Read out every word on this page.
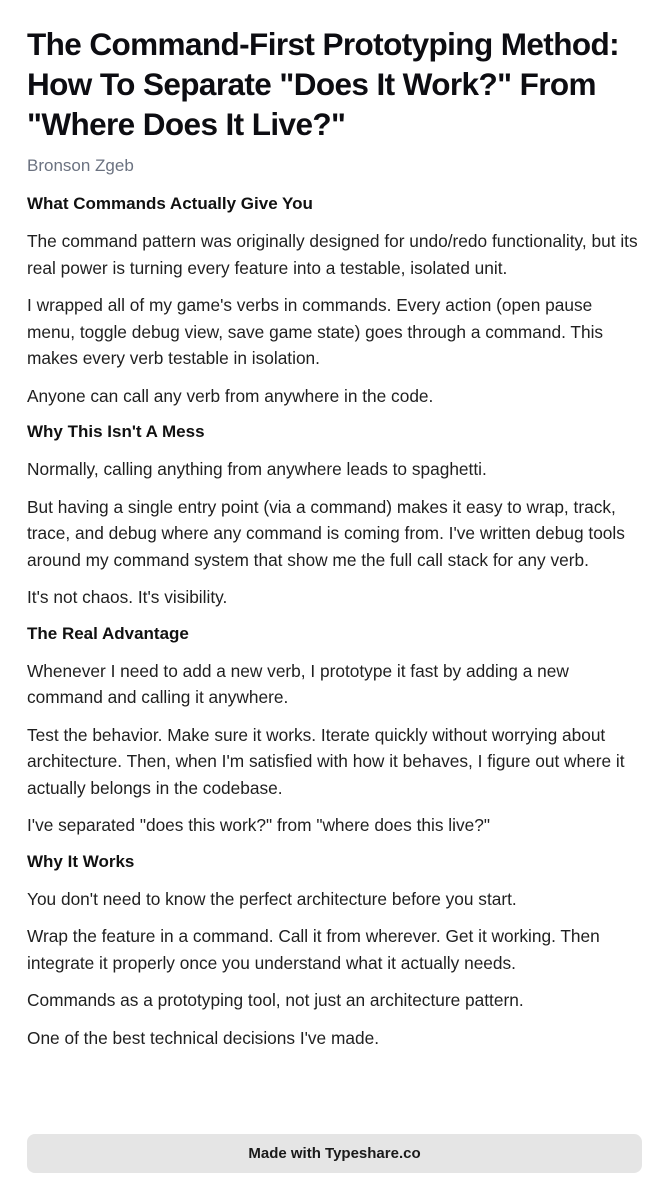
The Command-First Prototyping Method: How To Separate "Does It Work?" From "Where Does It Live?"
Bronson Zgeb
What Commands Actually Give You

The command pattern was originally designed for undo/redo functionality, but its real power is turning every feature into a testable, isolated unit.

I wrapped all of my game's verbs in commands. Every action (open pause menu, toggle debug view, save game state) goes through a command. This makes every verb testable in isolation.

Anyone can call any verb from anywhere in the code.

Why This Isn't A Mess

Normally, calling anything from anywhere leads to spaghetti.

But having a single entry point (via a command) makes it easy to wrap, track, trace, and debug where any command is coming from. I've written debug tools around my command system that show me the full call stack for any verb.

It's not chaos. It's visibility.

The Real Advantage

Whenever I need to add a new verb, I prototype it fast by adding a new command and calling it anywhere.

Test the behavior. Make sure it works. Iterate quickly without worrying about architecture. Then, when I'm satisfied with how it behaves, I figure out where it actually belongs in the codebase.

I've separated "does this work?" from "where does this live?"

Why It Works

You don't need to know the perfect architecture before you start.

Wrap the feature in a command. Call it from wherever. Get it working. Then integrate it properly once you understand what it actually needs.

Commands as a prototyping tool, not just an architecture pattern.

One of the best technical decisions I've made.

Made with Typeshare.co
